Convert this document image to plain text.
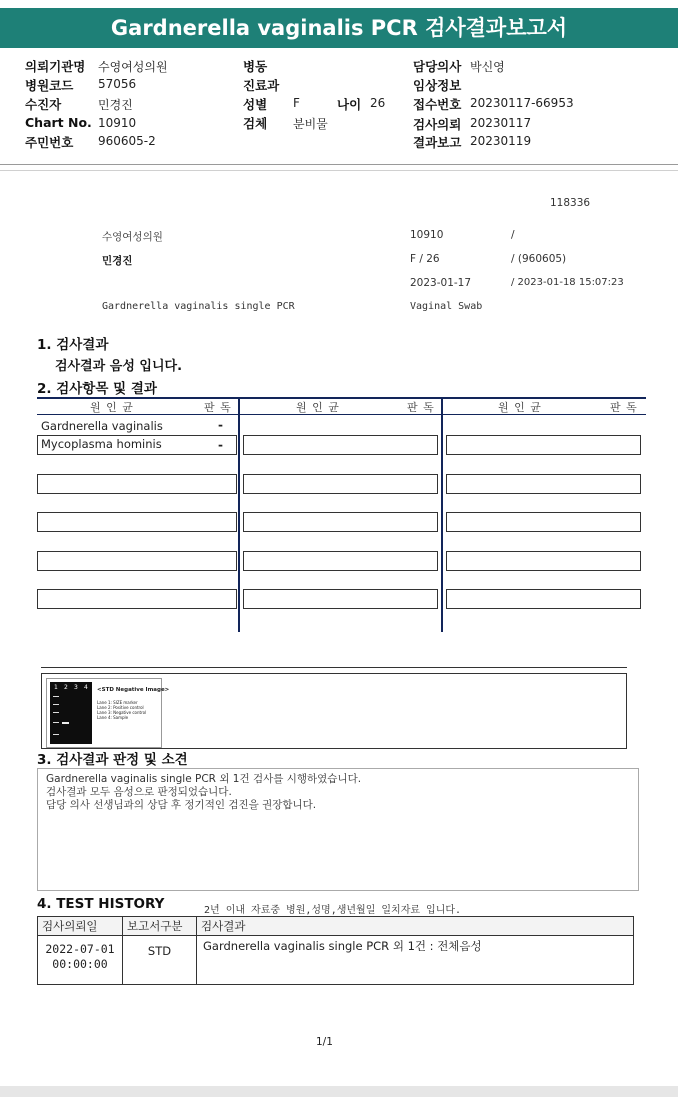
Gardnerella vaginalis PCR 검사결과보고서
의뢰기관명 수영여성의원
병원코드 57056
수진자	민경진
Chart No. 10910
주민번호 960605-2
병동
진료과
성별 F	나이 26
검체 분비물
담당의사 박신영
임상정보
접수번호 20230117-66953
검사의뢰 20230117
결과보고 20230119
118336
수영여성의원	10910	/
민경진	F / 26	/ (960605)
2023-01-17	/ 2023-01-18 15:07:23
Gardnerella vaginalis single PCR	Vaginal Swab
1. 검사결과
검사결과 음성 입니다.
2. 검사항목 및 결과
원 인 균	판 독	원 인 균	판 독	원 인 균	판 독
Gardnerella vaginalis	-
Mycoplasma hominis	-
1 2 3 4 <STD Negative Image>
Lane 1: SIZE marker
Lane 2: Positive control
Lane 3: Negative control
Lane 4: Sample
3. 검사결과 판정 및 소견
Gardnerella vaginalis single PCR 외 1건 검사를 시행하였습니다.
검사결과 모두 음성으로 판정되었습니다.
담당 의사 선생님과의 상담 후 정기적인 검진을 권장합니다.
4. TEST HISTORY	2년 이내 자료중 병원,성명,생년월일 일치자료 입니다.
검사의뢰일	보고서구분	검사결과

2022-07-01
00:00:00	STD	Gardnerella vaginalis single PCR 외 1건 : 전체음성
1/1
